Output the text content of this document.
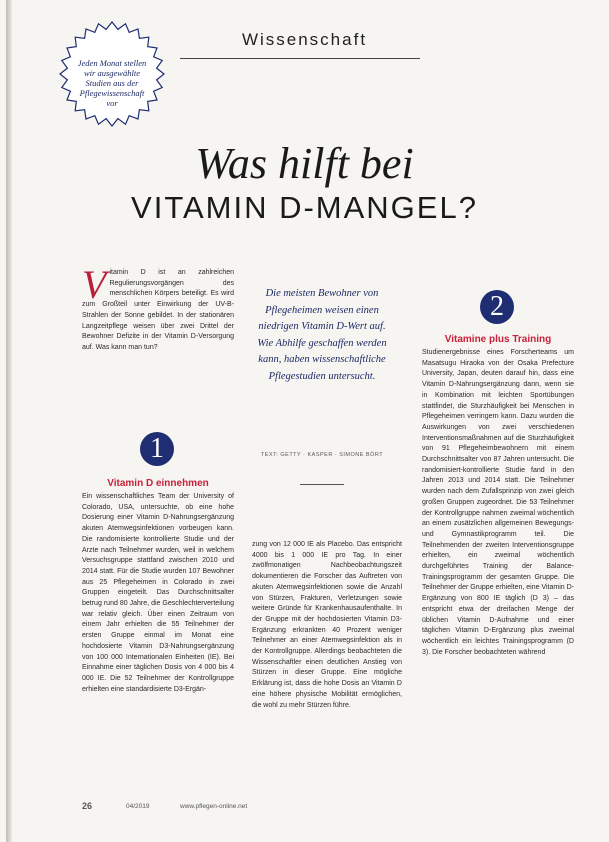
Wissenschaft
Jeden Monat stellen wir ausgewählte Studien aus der Pflegewissenschaft vor
Was hilft bei
VITAMIN D-MANGEL?
V itamin D ist an zahlreichen Regulierungsvorgängen des menschlichen Körpers beteiligt. Es wird zum Großteil unter Einwirkung der UV-B-Strahlen der Sonne gebildet. In der stationären Langzeitpflege weisen über zwei Drittel der Bewohner Defizite in der Vitamin D-Versorgung auf. Was kann man tun?
1
Vitamin D einnehmen
Ein wissenschaftliches Team der University of Colorado, USA, untersuchte, ob eine hohe Dosierung einer Vitamin D-Nahrungsergänzung akuten Atemwegsinfektionen vorbeugen kann. Die randomisierte kontrollierte Studie und der Arzte nach Teilnehmer wurden, weil in welchem Versuchsgruppe stattfand zwischen 2010 und 2014 statt. Für die Studie wurden 107 Bewohner aus 25 Pflegeheimen in Colorado in zwei Gruppen eingeteilt. Das Durchschnittsalter betrug rund 80 Jahre, die Geschlechterverteilung war relativ gleich. Über einen Zeitraum von einem Jahr erhielten die 55 Teilnehmer der ersten Gruppe einmal im Monat eine hochdosierte Vitamin D3-Nahrungsergänzung von 100 000 Internationalen Einheiten (IE). Bei Einnahme einer täglichen Dosis von 4 000 bis 4 000 IE. Die 52 Teilnehmer der Kontrollgruppe erhielten eine standardisierte D3-Ergän-
zung von 12 000 IE als Placebo. Das entspricht 4000 bis 1 000 IE pro Tag. In einer zwölfmonatigen Nachbeobachtungszeit dokumentieren die Forscher das Auftreten von akuten Atemwegsinfektionen sowie die Anzahl von Stürzen, Frakturen, Verletzungen sowie weitere Gründe für Krankenhausaufenthalte. In der Gruppe mit der hochdosierten Vitamin D3-Ergänzung erkrankten 40 Prozent weniger Teilnehmer an einer Atemwegsinfektion als in der Kontrollgruppe. Allerdings beobachteten die Wissenschaftler einen deutlichen Anstieg von Stürzen in dieser Gruppe. Eine mögliche Erklärung ist, dass die hohe Dosis an Vitamin D eine höhere physische Mobilität ermöglichen, die wohl zu mehr Stürzen führe.
Die meisten Bewohner von Pflegeheimen weisen einen niedrigen Vitamin D-Wert auf. Wie Abhilfe geschaffen werden kann, haben wissenschaftliche Pflegestudien untersucht.
TEXT: GETTY · KASPER · SIMONE BÖRT
2
Vitamine plus Training
Studienergebnisse eines Forscherteams um Masatsugu Hiraoka von der Osaka Prefecture University, Japan, deuten darauf hin, dass eine Vitamin D-Nahrungsergänzung dann, wenn sie in Kombination mit leichten Sportübungen stattfindet, die Sturzhäufigkeit bei Menschen in Pflegeheimen verringern kann. Dazu wurden die Auswirkungen von zwei verschiedenen Interventionsmaßnahmen auf die Sturzhäufigkeit von 91 Pflegeheimbewohnern mit einem Durchschnittsalter von 87 Jahren untersucht. Die randomisiert-kontrollierte Studie fand in den Jahren 2013 und 2014 statt. Die Teilnehmer wurden nach dem Zufallsprinzip von zwei gleich großen Gruppen zugeordnet. Die 53 Teilnehmer der Kontrollgruppe nahmen zweimal wöchentlich an einem zusätzlichen allgemeinen Bewegungs- und Gymnastikprogramm teil. Die Teilnehmenden der zweiten Interventionsgruppe erhielten, ein zweimal wöchentlich durchgeführtes Training der Balance-Trainingsprogramm der gesamten Gruppe. Die Teilnehmer der Gruppe erhielten, eine Vitamin D-Ergänzung von 800 IE täglich (D 3) – das entspricht etwa der dreifachen Menge der üblichen Vitamin D-Aufnahme und einer täglichen Vitamin D-Ergänzung plus zweimal wöchentlich ein leichtes Trainingsprogramm (D 3). Die Forscher beobachteten während
26	04/2019	www.pflegen-online.net
